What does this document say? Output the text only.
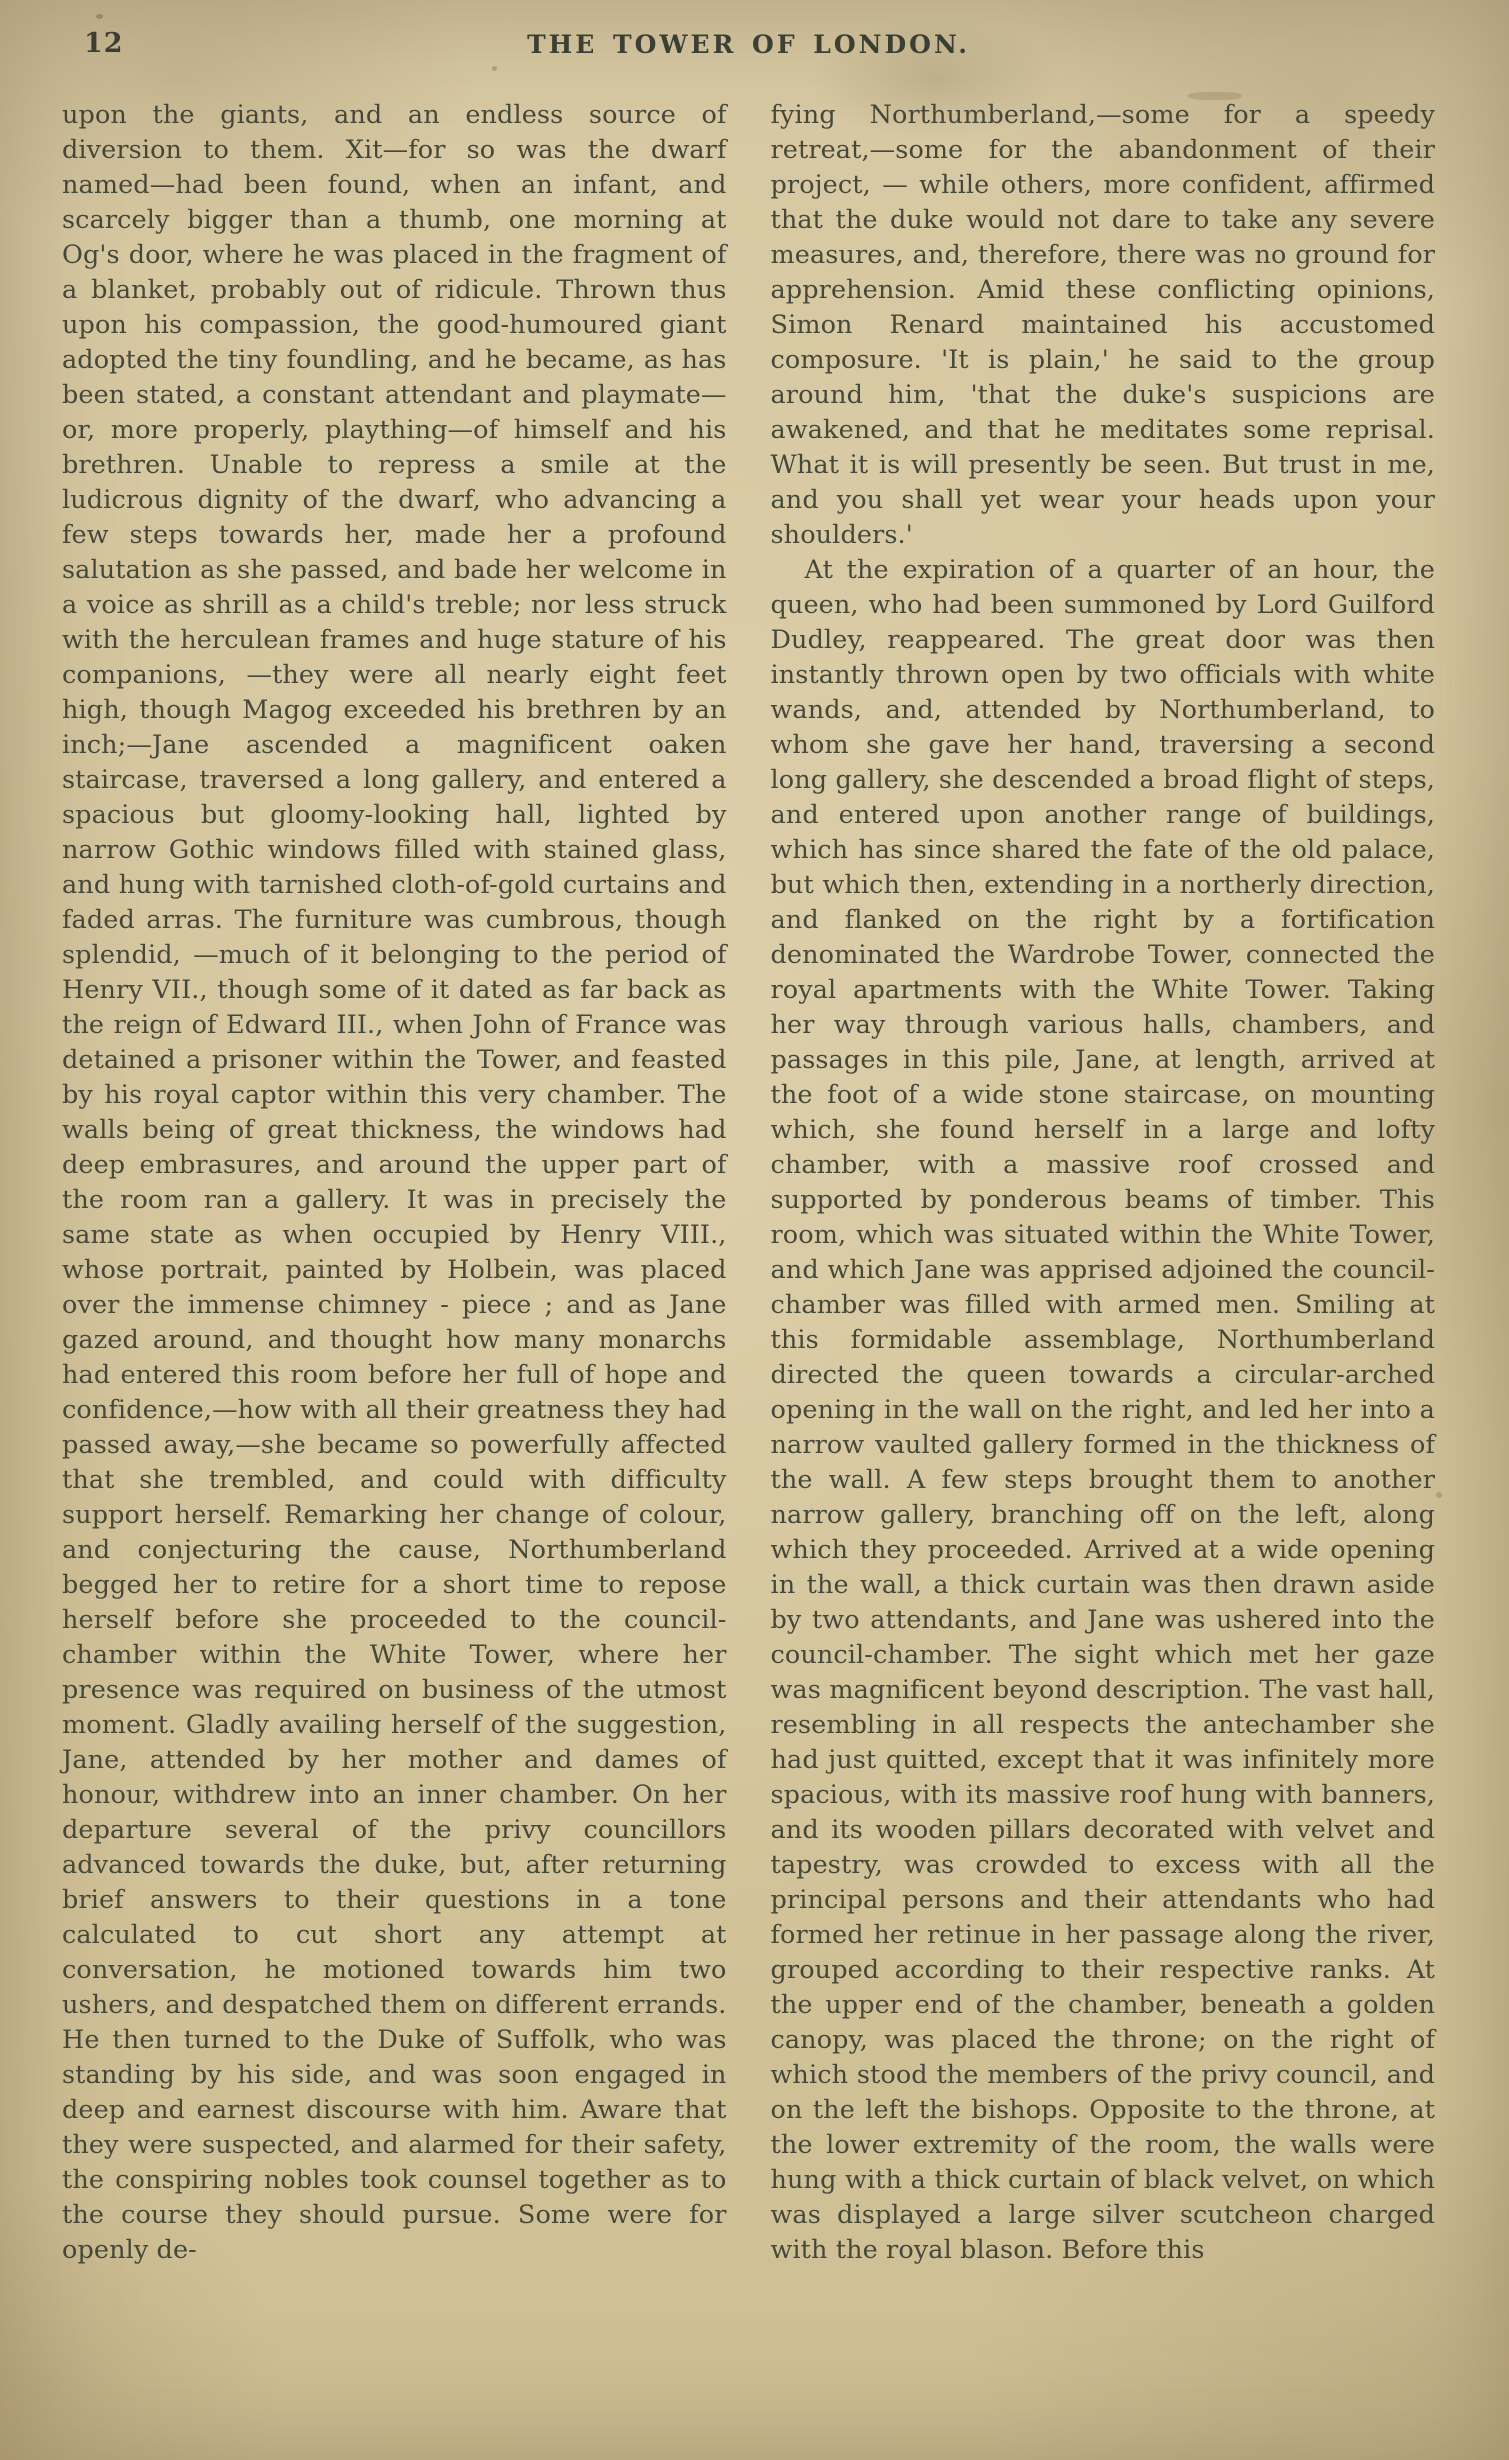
12	THE TOWER OF LONDON.

upon the giants, and an endless source of diversion to them. Xit—for so was the dwarf named—had been found, when an infant, and scarcely bigger than a thumb, one morning at Og's door, where he was placed in the fragment of a blanket, probably out of ridicule. Thrown thus upon his compassion, the good-humoured giant adopted the tiny foundling, and he became, as has been stated, a constant attendant and playmate—or, more properly, plaything—of himself and his brethren. Unable to repress a smile at the ludicrous dignity of the dwarf, who advancing a few steps towards her, made her a profound salutation as she passed, and bade her welcome in a voice as shrill as a child's treble; nor less struck with the herculean frames and huge stature of his companions, —they were all nearly eight feet high, though Magog exceeded his brethren by an inch;—Jane ascended a magnificent oaken staircase, traversed a long gallery, and entered a spacious but gloomy-looking hall, lighted by narrow Gothic windows filled with stained glass, and hung with tarnished cloth-of-gold curtains and faded arras. The furniture was cumbrous, though splendid, —much of it belonging to the period of Henry VII., though some of it dated as far back as the reign of Edward III., when John of France was detained a prisoner within the Tower, and feasted by his royal captor within this very chamber. The walls being of great thickness, the windows had deep embrasures, and around the upper part of the room ran a gallery. It was in precisely the same state as when occupied by Henry VIII., whose portrait, painted by Holbein, was placed over the immense chimney - piece ; and as Jane gazed around, and thought how many monarchs had entered this room before her full of hope and confidence,—how with all their greatness they had passed away,—she became so powerfully affected that she trembled, and could with difficulty support herself. Remarking her change of colour, and conjecturing the cause, Northumberland begged her to retire for a short time to repose herself before she proceeded to the council-chamber within the White Tower, where her presence was required on business of the utmost moment. Gladly availing herself of the suggestion, Jane, attended by her mother and dames of honour, withdrew into an inner chamber. On her departure several of the privy councillors advanced towards the duke, but, after returning brief answers to their questions in a tone calculated to cut short any attempt at conversation, he motioned towards him two ushers, and despatched them on different errands. He then turned to the Duke of Suffolk, who was standing by his side, and was soon engaged in deep and earnest discourse with him. Aware that they were suspected, and alarmed for their safety, the conspiring nobles took counsel together as to the course they should pursue. Some were for openly de-

fying Northumberland,—some for a speedy retreat,—some for the abandonment of their project, — while others, more confident, affirmed that the duke would not dare to take any severe measures, and, therefore, there was no ground for apprehension. Amid these conflicting opinions, Simon Renard maintained his accustomed composure. 'It is plain,' he said to the group around him, 'that the duke's suspicions are awakened, and that he meditates some reprisal. What it is will presently be seen. But trust in me, and you shall yet wear your heads upon your shoulders.'

At the expiration of a quarter of an hour, the queen, who had been summoned by Lord Guilford Dudley, reappeared. The great door was then instantly thrown open by two officials with white wands, and, attended by Northumberland, to whom she gave her hand, traversing a second long gallery, she descended a broad flight of steps, and entered upon another range of buildings, which has since shared the fate of the old palace, but which then, extending in a northerly direction, and flanked on the right by a fortification denominated the Wardrobe Tower, connected the royal apartments with the White Tower. Taking her way through various halls, chambers, and passages in this pile, Jane, at length, arrived at the foot of a wide stone staircase, on mounting which, she found herself in a large and lofty chamber, with a massive roof crossed and supported by ponderous beams of timber. This room, which was situated within the White Tower, and which Jane was apprised adjoined the council-chamber was filled with armed men. Smiling at this formidable assemblage, Northumberland directed the queen towards a circular-arched opening in the wall on the right, and led her into a narrow vaulted gallery formed in the thickness of the wall. A few steps brought them to another narrow gallery, branching off on the left, along which they proceeded. Arrived at a wide opening in the wall, a thick curtain was then drawn aside by two attendants, and Jane was ushered into the council-chamber. The sight which met her gaze was magnificent beyond description. The vast hall, resembling in all respects the antechamber she had just quitted, except that it was infinitely more spacious, with its massive roof hung with banners, and its wooden pillars decorated with velvet and tapestry, was crowded to excess with all the principal persons and their attendants who had formed her retinue in her passage along the river, grouped according to their respective ranks. At the upper end of the chamber, beneath a golden canopy, was placed the throne; on the right of which stood the members of the privy council, and on the left the bishops. Opposite to the throne, at the lower extremity of the room, the walls were hung with a thick curtain of black velvet, on which was displayed a large silver scutcheon charged with the royal blason. Before this
